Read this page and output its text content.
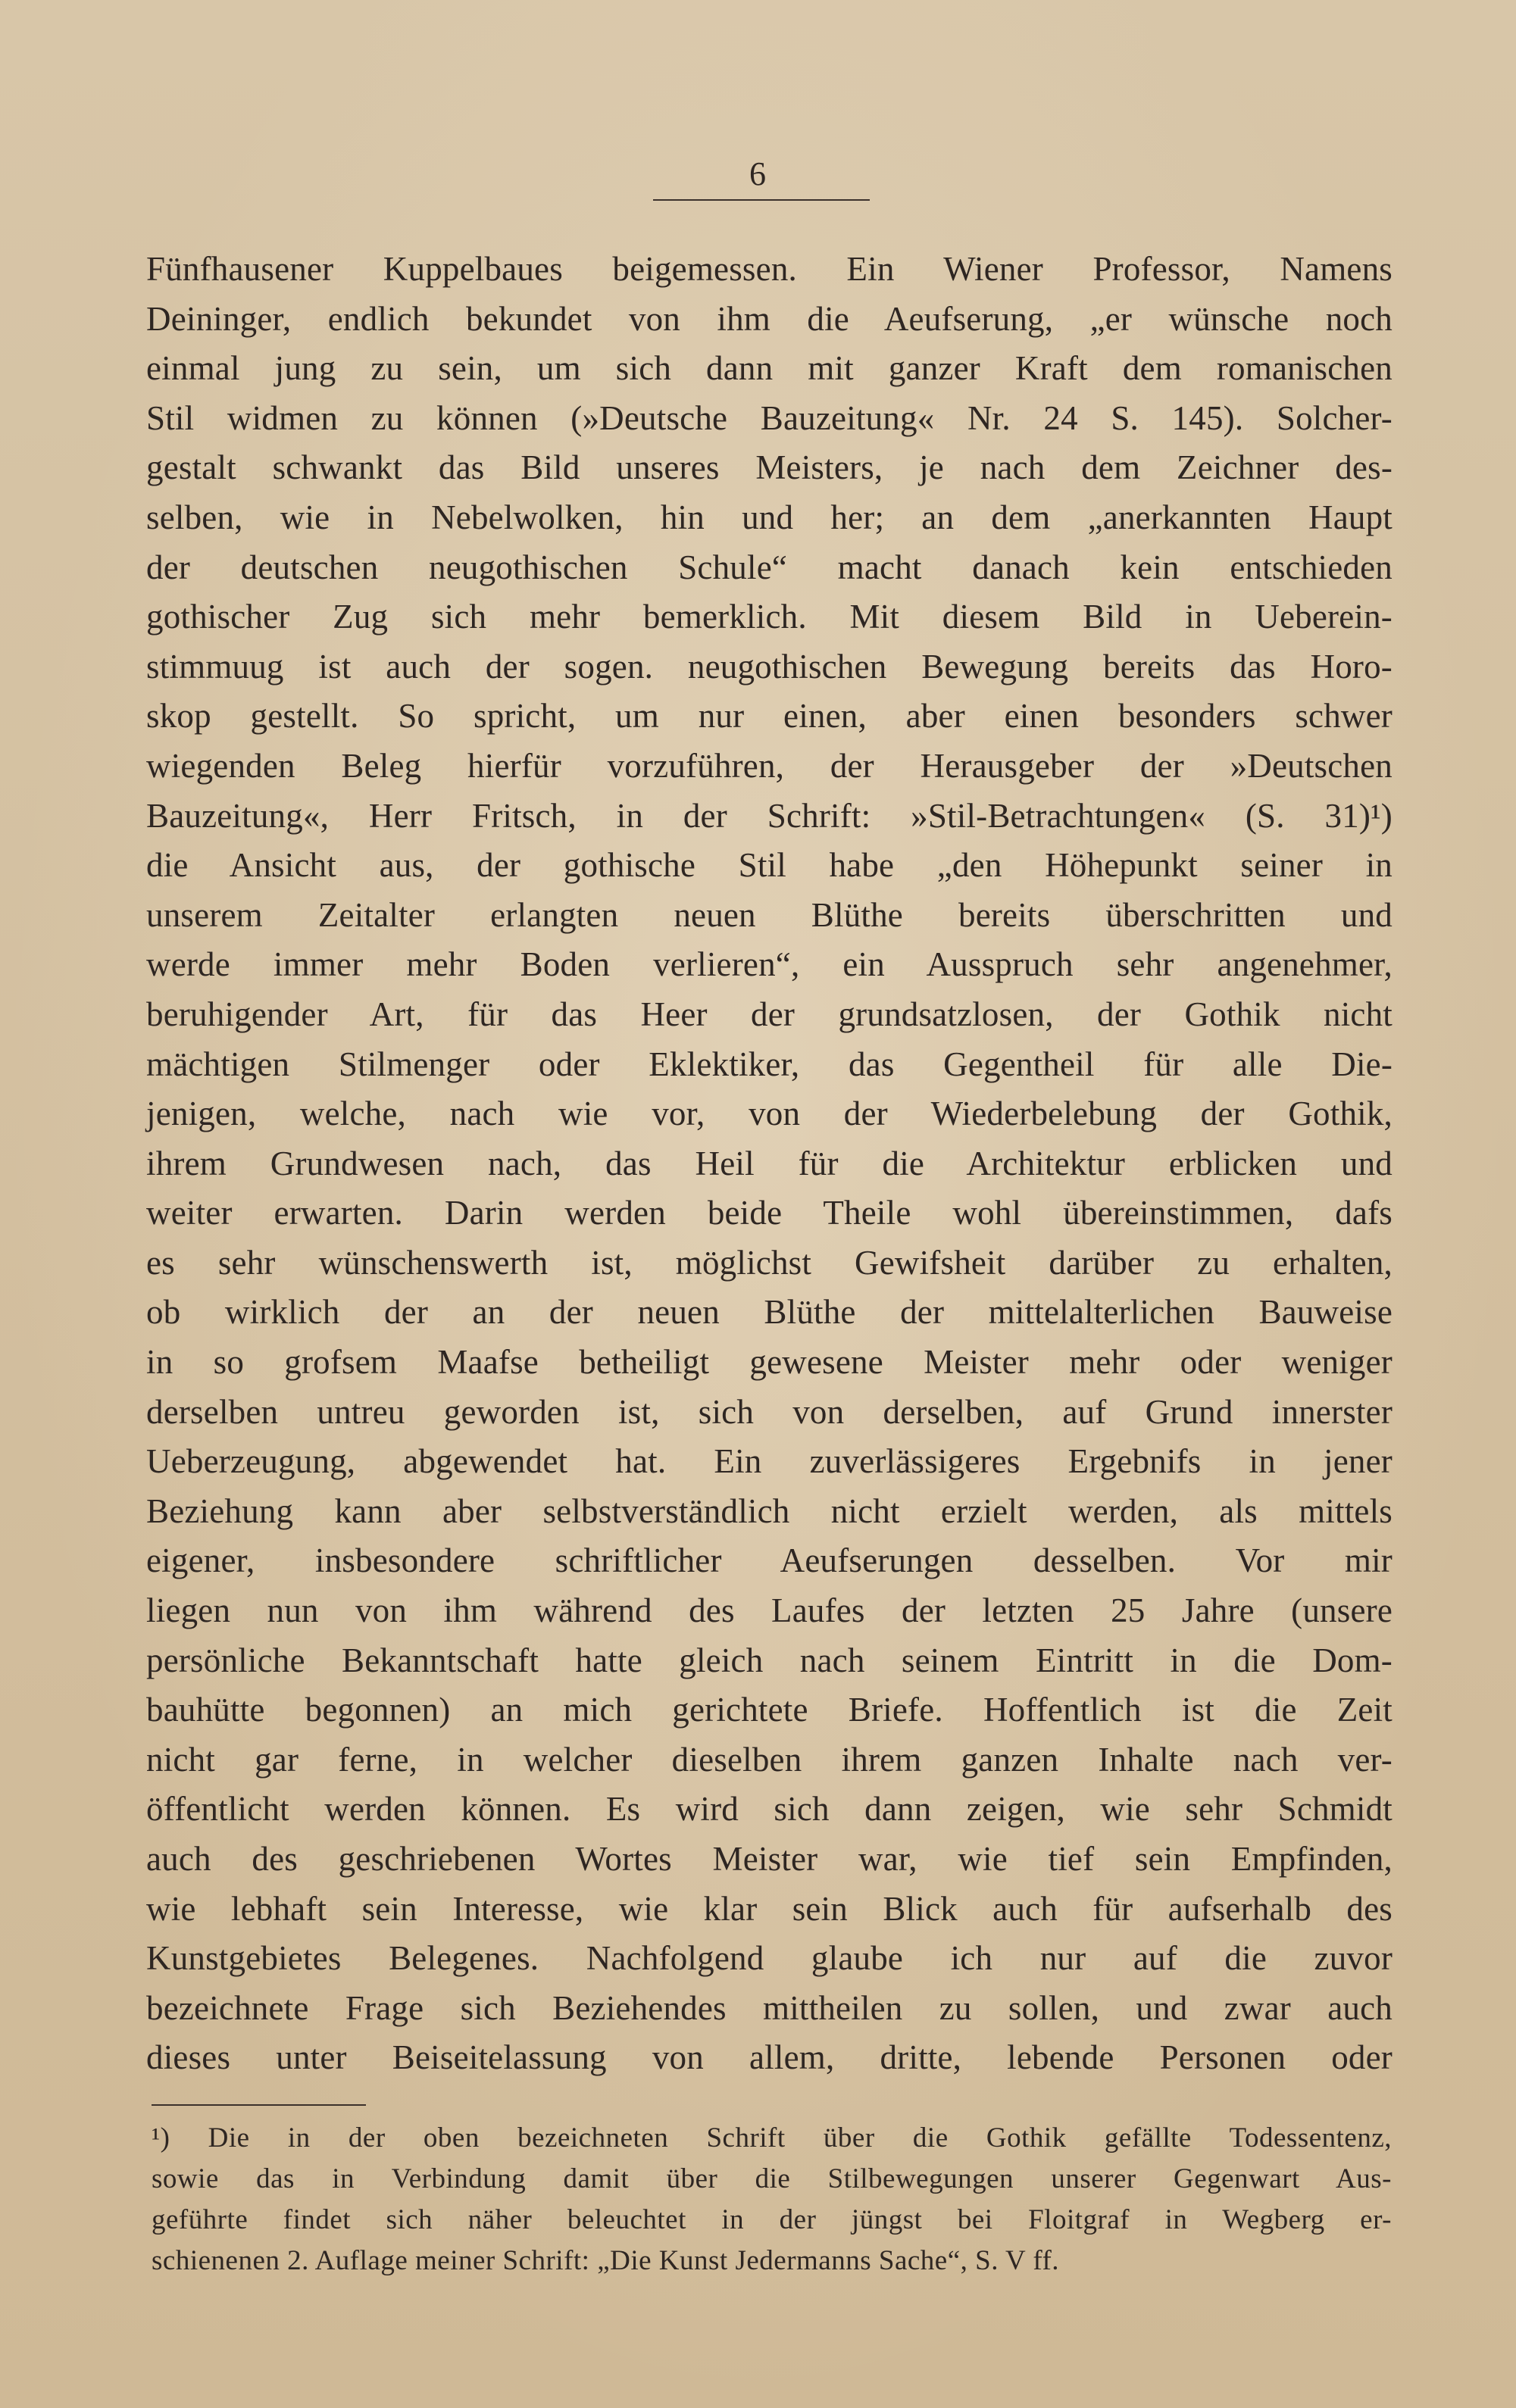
6
Fünfhausener Kuppelbaues beigemessen. Ein Wiener Professor, Namens
Deininger, endlich bekundet von ihm die Aeufserung, „er wünsche noch
einmal jung zu sein, um sich dann mit ganzer Kraft dem romanischen
Stil widmen zu können (»Deutsche Bauzeitung« Nr. 24 S. 145). Solcher-
gestalt schwankt das Bild unseres Meisters, je nach dem Zeichner des-
selben, wie in Nebelwolken, hin und her; an dem „anerkannten Haupt
der deutschen neugothischen Schule“ macht danach kein entschieden
gothischer Zug sich mehr bemerklich. Mit diesem Bild in Ueberein-
stimmuug ist auch der sogen. neugothischen Bewegung bereits das Horo-
skop gestellt. So spricht, um nur einen, aber einen besonders schwer
wiegenden Beleg hierfür vorzuführen, der Herausgeber der »Deutschen
Bauzeitung«, Herr Fritsch, in der Schrift: »Stil-Betrachtungen« (S. 31)¹)
die Ansicht aus, der gothische Stil habe „den Höhepunkt seiner in
unserem Zeitalter erlangten neuen Blüthe bereits überschritten und
werde immer mehr Boden verlieren“, ein Ausspruch sehr angenehmer,
beruhigender Art, für das Heer der grundsatzlosen, der Gothik nicht
mächtigen Stilmenger oder Eklektiker, das Gegentheil für alle Die-
jenigen, welche, nach wie vor, von der Wiederbelebung der Gothik,
ihrem Grundwesen nach, das Heil für die Architektur erblicken und
weiter erwarten. Darin werden beide Theile wohl übereinstimmen, dafs
es sehr wünschenswerth ist, möglichst Gewifsheit darüber zu erhalten,
ob wirklich der an der neuen Blüthe der mittelalterlichen Bauweise
in so grofsem Maafse betheiligt gewesene Meister mehr oder weniger
derselben untreu geworden ist, sich von derselben, auf Grund innerster
Ueberzeugung, abgewendet hat. Ein zuverlässigeres Ergebnifs in jener
Beziehung kann aber selbstverständlich nicht erzielt werden, als mittels
eigener, insbesondere schriftlicher Aeufserungen desselben. Vor mir
liegen nun von ihm während des Laufes der letzten 25 Jahre (unsere
persönliche Bekanntschaft hatte gleich nach seinem Eintritt in die Dom-
bauhütte begonnen) an mich gerichtete Briefe. Hoffentlich ist die Zeit
nicht gar ferne, in welcher dieselben ihrem ganzen Inhalte nach ver-
öffentlicht werden können. Es wird sich dann zeigen, wie sehr Schmidt
auch des geschriebenen Wortes Meister war, wie tief sein Empfinden,
wie lebhaft sein Interesse, wie klar sein Blick auch für aufserhalb des
Kunstgebietes Belegenes. Nachfolgend glaube ich nur auf die zuvor
bezeichnete Frage sich Beziehendes mittheilen zu sollen, und zwar auch
dieses unter Beiseitelassung von allem, dritte, lebende Personen oder
¹) Die in der oben bezeichneten Schrift über die Gothik gefällte Todessentenz,
sowie das in Verbindung damit über die Stilbewegungen unserer Gegenwart Aus-
geführte findet sich näher beleuchtet in der jüngst bei Floitgraf in Wegberg er-
schienenen 2. Auflage meiner Schrift: „Die Kunst Jedermanns Sache“, S. V ff.
